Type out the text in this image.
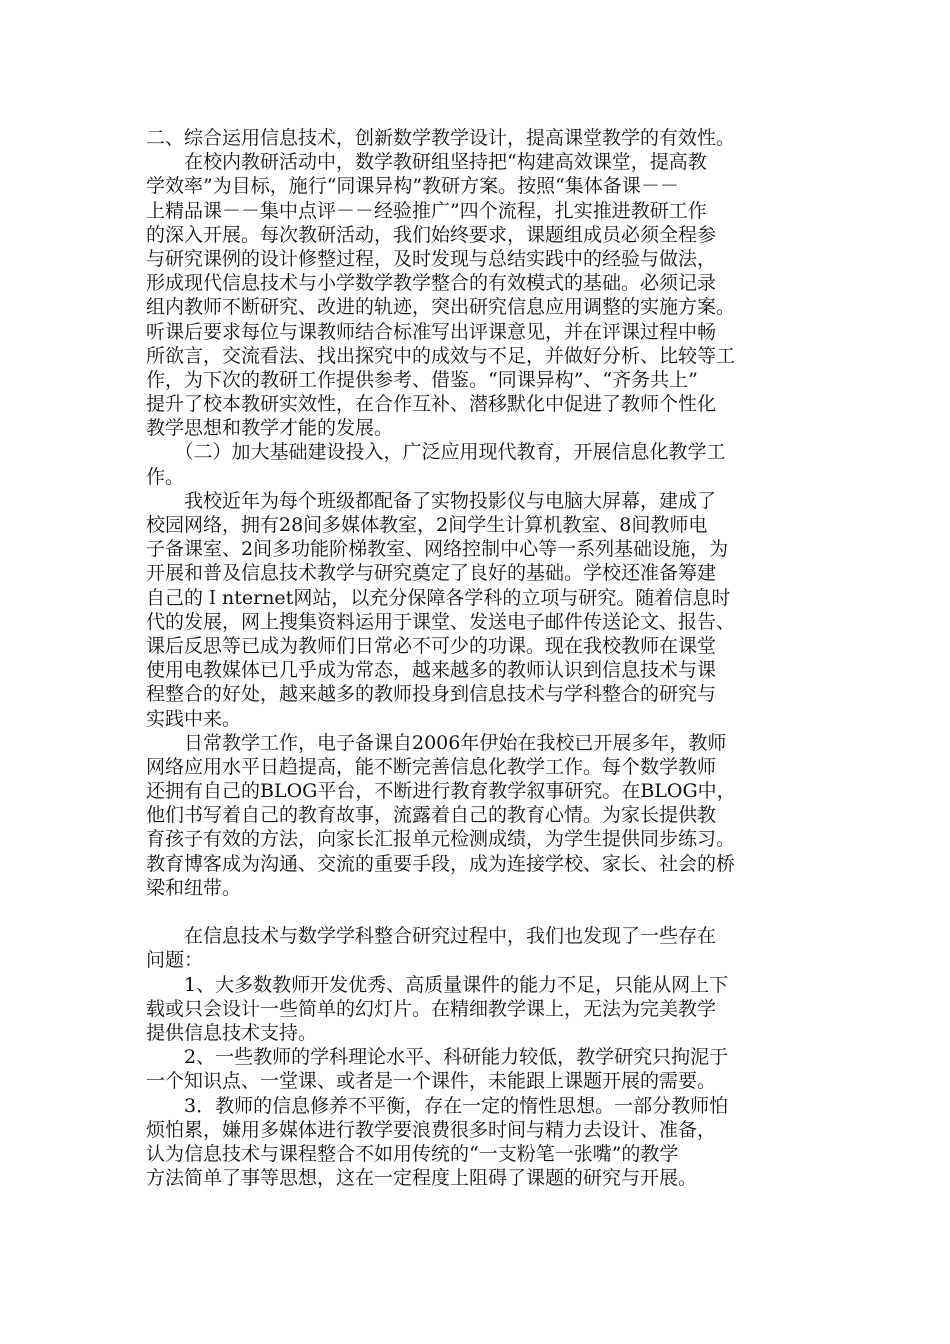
二、综合运用信息技术，创新数学教学设计，提高课堂教学的有效性。
　　在校内教研活动中，数学教研组坚持把“构建高效课堂，提高教
学效率”为目标，施行“同课异构”教研方案。按照“集体备课－－
上精品课－－集中点评－－经验推广”四个流程，扎实推进教研工作
的深入开展。每次教研活动，我们始终要求，课题组成员必须全程参
与研究课例的设计修整过程，及时发现与总结实践中的经验与做法，
形成现代信息技术与小学数学教学整合的有效模式的基础。必须记录
组内教师不断研究、改进的轨迹，突出研究信息应用调整的实施方案。
听课后要求每位与课教师结合标准写出评课意见，并在评课过程中畅
所欲言，交流看法、找出探究中的成效与不足，并做好分析、比较等工
作，为下次的教研工作提供参考、借鉴。“同课异构”、“齐务共上”
提升了校本教研实效性，在合作互补、潜移默化中促进了教师个性化
教学思想和教学才能的发展。
　　（二）加大基础建设投入，广泛应用现代教育，开展信息化教学工
作。
　　我校近年为每个班级都配备了实物投影仪与电脑大屏幕，建成了
校园网络，拥有28间多媒体教室，2间学生计算机教室、8间教师电
子备课室、2间多功能阶梯教室、网络控制中心等一系列基础设施，为
开展和普及信息技术教学与研究奠定了良好的基础。学校还准备筹建
自己的Ｉnternet网站，以充分保障各学科的立项与研究。随着信息时
代的发展，网上搜集资料运用于课堂、发送电子邮件传送论文、报告、
课后反思等已成为教师们日常必不可少的功课。现在我校教师在课堂
使用电教媒体已几乎成为常态，越来越多的教师认识到信息技术与课
程整合的好处，越来越多的教师投身到信息技术与学科整合的研究与
实践中来。
　　日常教学工作，电子备课自2006年伊始在我校已开展多年，教师
网络应用水平日趋提高，能不断完善信息化教学工作。每个数学教师
还拥有自己的BLOG平台，不断进行教育教学叙事研究。在BLOG中，
他们书写着自己的教育故事，流露着自己的教育心情。为家长提供教
育孩子有效的方法，向家长汇报单元检测成绩，为学生提供同步练习。
教育博客成为沟通、交流的重要手段，成为连接学校、家长、社会的桥
梁和纽带。
　　在信息技术与数学学科整合研究过程中，我们也发现了一些存在
问题：
　　1、大多数教师开发优秀、高质量课件的能力不足，只能从网上下
载或只会设计一些简单的幻灯片。在精细教学课上，无法为完美教学
提供信息技术支持。
　　2、一些教师的学科理论水平、科研能力较低，教学研究只拘泥于
一个知识点、一堂课、或者是一个课件，未能跟上课题开展的需要。
　　3．教师的信息修养不平衡，存在一定的惰性思想。一部分教师怕
烦怕累，嫌用多媒体进行教学要浪费很多时间与精力去设计、准备，
认为信息技术与课程整合不如用传统的“一支粉笔一张嘴”的教学
方法简单了事等思想，这在一定程度上阻碍了课题的研究与开展。
